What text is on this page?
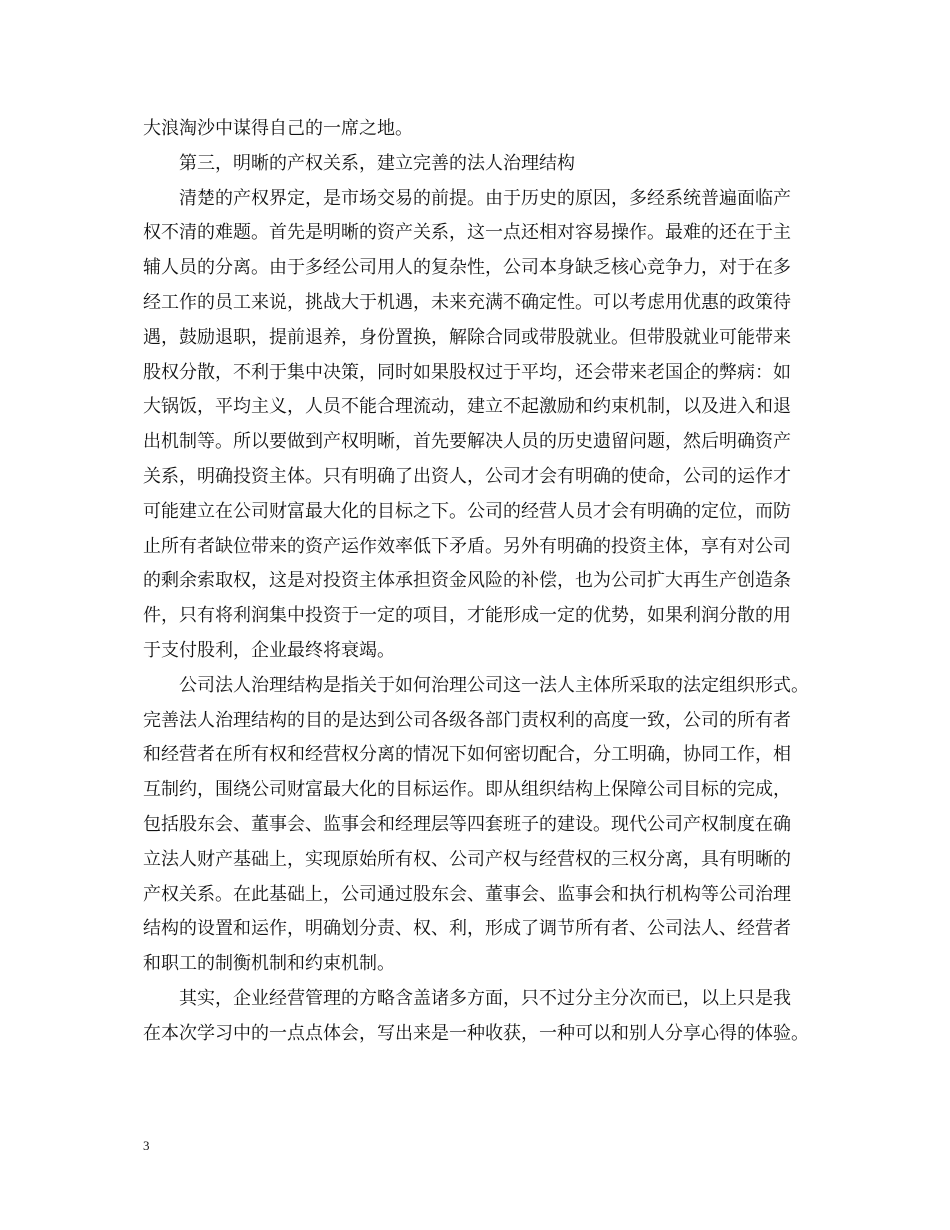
大浪淘沙中谋得自己的一席之地。
第三，明晰的产权关系，建立完善的法人治理结构
清楚的产权界定，是市场交易的前提。由于历史的原因，多经系统普遍面临产
权不清的难题。首先是明晰的资产关系，这一点还相对容易操作。最难的还在于主
辅人员的分离。由于多经公司用人的复杂性，公司本身缺乏核心竞争力，对于在多
经工作的员工来说，挑战大于机遇，未来充满不确定性。可以考虑用优惠的政策待
遇，鼓励退职，提前退养，身份置换，解除合同或带股就业。但带股就业可能带来
股权分散，不利于集中决策，同时如果股权过于平均，还会带来老国企的弊病：如
大锅饭，平均主义，人员不能合理流动，建立不起激励和约束机制，以及进入和退
出机制等。所以要做到产权明晰，首先要解决人员的历史遗留问题，然后明确资产
关系，明确投资主体。只有明确了出资人，公司才会有明确的使命，公司的运作才
可能建立在公司财富最大化的目标之下。公司的经营人员才会有明确的定位，而防
止所有者缺位带来的资产运作效率低下矛盾。另外有明确的投资主体，享有对公司
的剩余索取权，这是对投资主体承担资金风险的补偿，也为公司扩大再生产创造条
件，只有将利润集中投资于一定的项目，才能形成一定的优势，如果利润分散的用
于支付股利，企业最终将衰竭。
公司法人治理结构是指关于如何治理公司这一法人主体所采取的法定组织形式。
完善法人治理结构的目的是达到公司各级各部门责权利的高度一致，公司的所有者
和经营者在所有权和经营权分离的情况下如何密切配合，分工明确，协同工作，相
互制约，围绕公司财富最大化的目标运作。即从组织结构上保障公司目标的完成，
包括股东会、董事会、监事会和经理层等四套班子的建设。现代公司产权制度在确
立法人财产基础上，实现原始所有权、公司产权与经营权的三权分离，具有明晰的
产权关系。在此基础上，公司通过股东会、董事会、监事会和执行机构等公司治理
结构的设置和运作，明确划分责、权、利，形成了调节所有者、公司法人、经营者
和职工的制衡机制和约束机制。
其实，企业经营管理的方略含盖诸多方面，只不过分主分次而已，以上只是我
在本次学习中的一点点体会，写出来是一种收获，一种可以和别人分享心得的体验。
3
